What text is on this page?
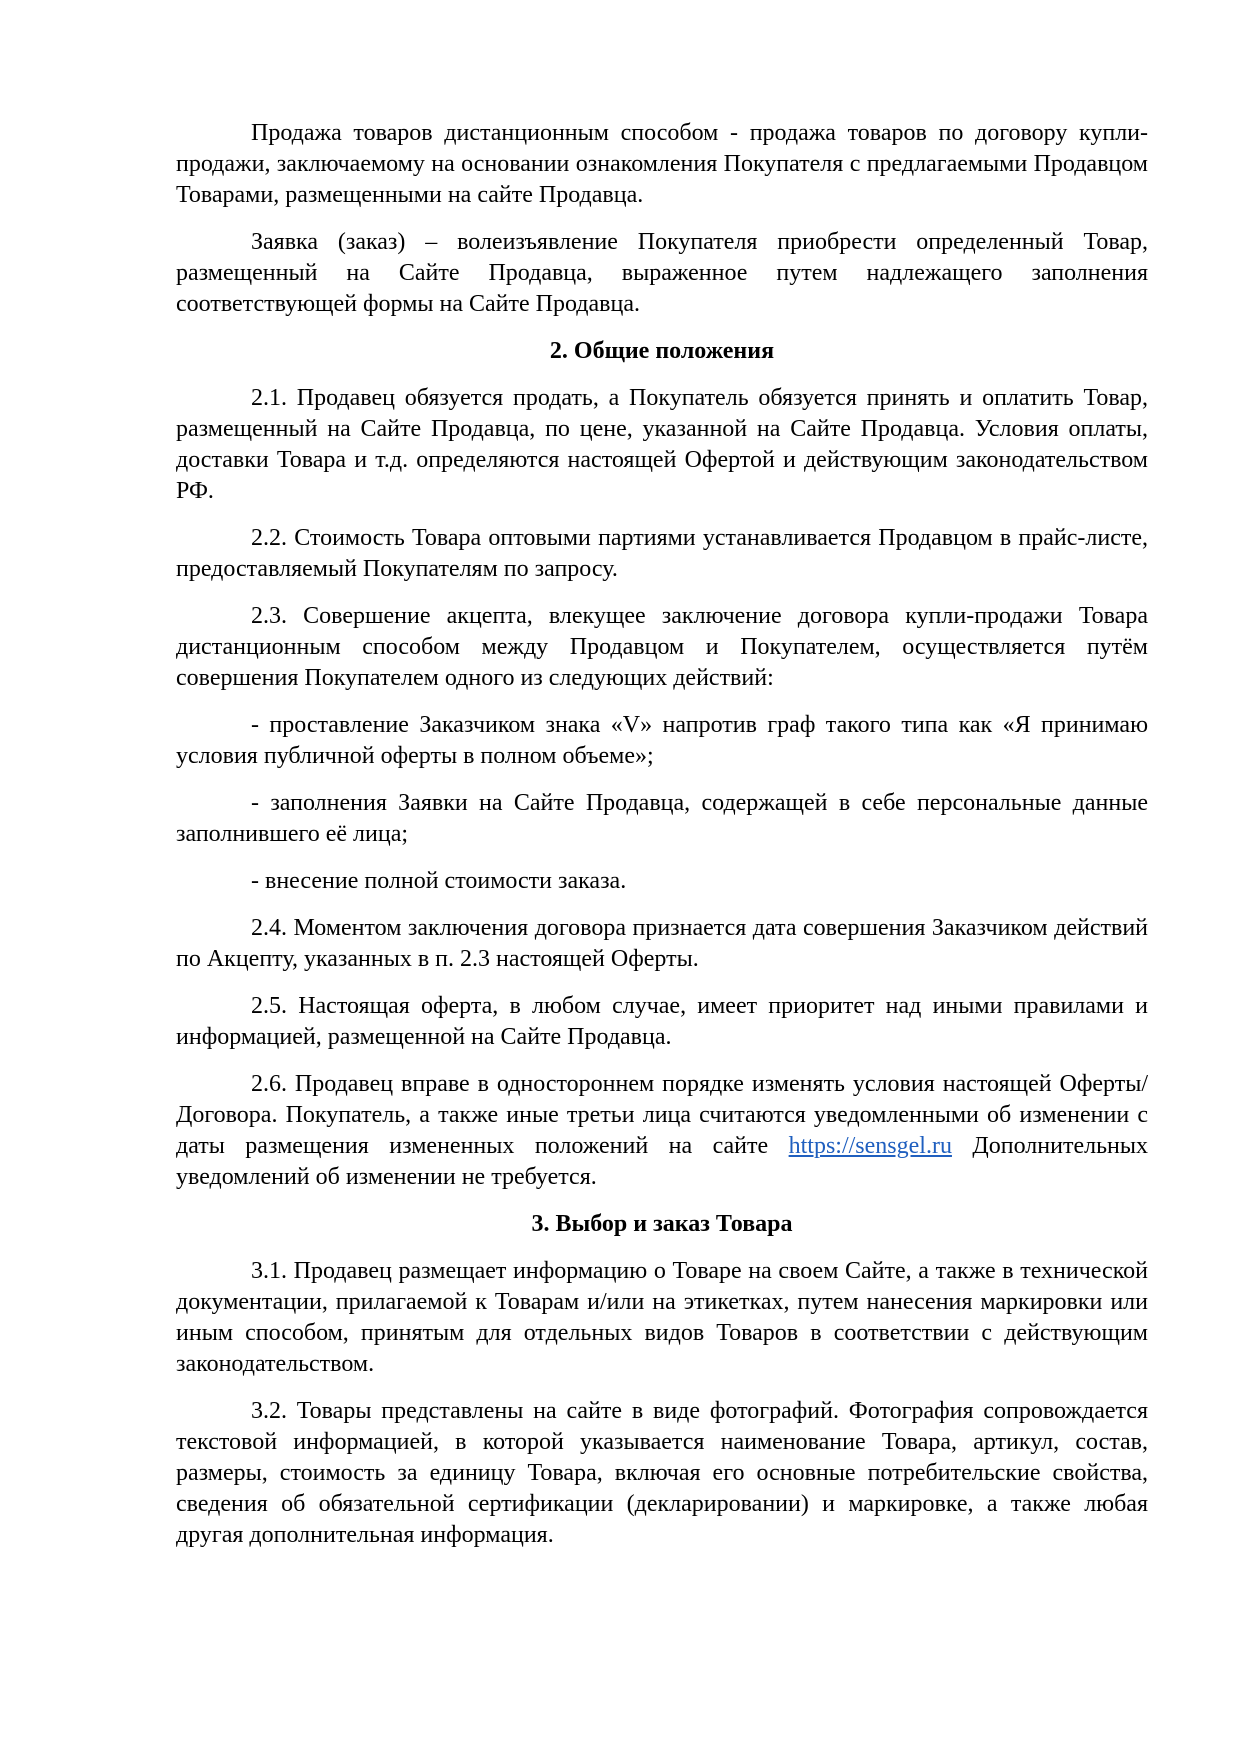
Продажа товаров дистанционным способом - продажа товаров по договору купли-продажи, заключаемому на основании ознакомления Покупателя с предлагаемыми Продавцом Товарами, размещенными на сайте Продавца.

Заявка (заказ) – волеизъявление Покупателя приобрести определенный Товар, размещенный на Сайте Продавца, выраженное путем надлежащего заполнения соответствующей формы на Сайте Продавца.

2. Общие положения

2.1. Продавец обязуется продать, а Покупатель обязуется принять и оплатить Товар, размещенный на Сайте Продавца, по цене, указанной на Сайте Продавца. Условия оплаты, доставки Товара и т.д. определяются настоящей Офертой и действующим законодательством РФ.

2.2. Стоимость Товара оптовыми партиями устанавливается Продавцом в прайс-листе, предоставляемый Покупателям по запросу.

2.3. Совершение акцепта, влекущее заключение договора купли-продажи Товара дистанционным способом между Продавцом и Покупателем, осуществляется путём совершения Покупателем одного из следующих действий:

- проставление Заказчиком знака «V» напротив граф такого типа как «Я принимаю условия публичной оферты в полном объеме»;

- заполнения Заявки на Сайте Продавца, содержащей в себе персональные данные заполнившего её лица;

- внесение полной стоимости заказа.

2.4. Моментом заключения договора признается дата совершения Заказчиком действий по Акцепту, указанных в п. 2.3 настоящей Оферты.

2.5. Настоящая оферта, в любом случае, имеет приоритет над иными правилами и информацией, размещенной на Сайте Продавца.

2.6. Продавец вправе в одностороннем порядке изменять условия настоящей Оферты/Договора. Покупатель, а также иные третьи лица считаются уведомленными об изменении с даты размещения измененных положений на сайте https://sensgel.ru Дополнительных уведомлений об изменении не требуется.

3. Выбор и заказ Товара

3.1. Продавец размещает информацию о Товаре на своем Сайте, а также в технической документации, прилагаемой к Товарам и/или на этикетках, путем нанесения маркировки или иным способом, принятым для отдельных видов Товаров в соответствии с действующим законодательством.

3.2. Товары представлены на сайте в виде фотографий. Фотография сопровождается текстовой информацией, в которой указывается наименование Товара, артикул, состав, размеры, стоимость за единицу Товара, включая его основные потребительские свойства, сведения об обязательной сертификации (декларировании) и маркировке, а также любая другая дополнительная информация.
